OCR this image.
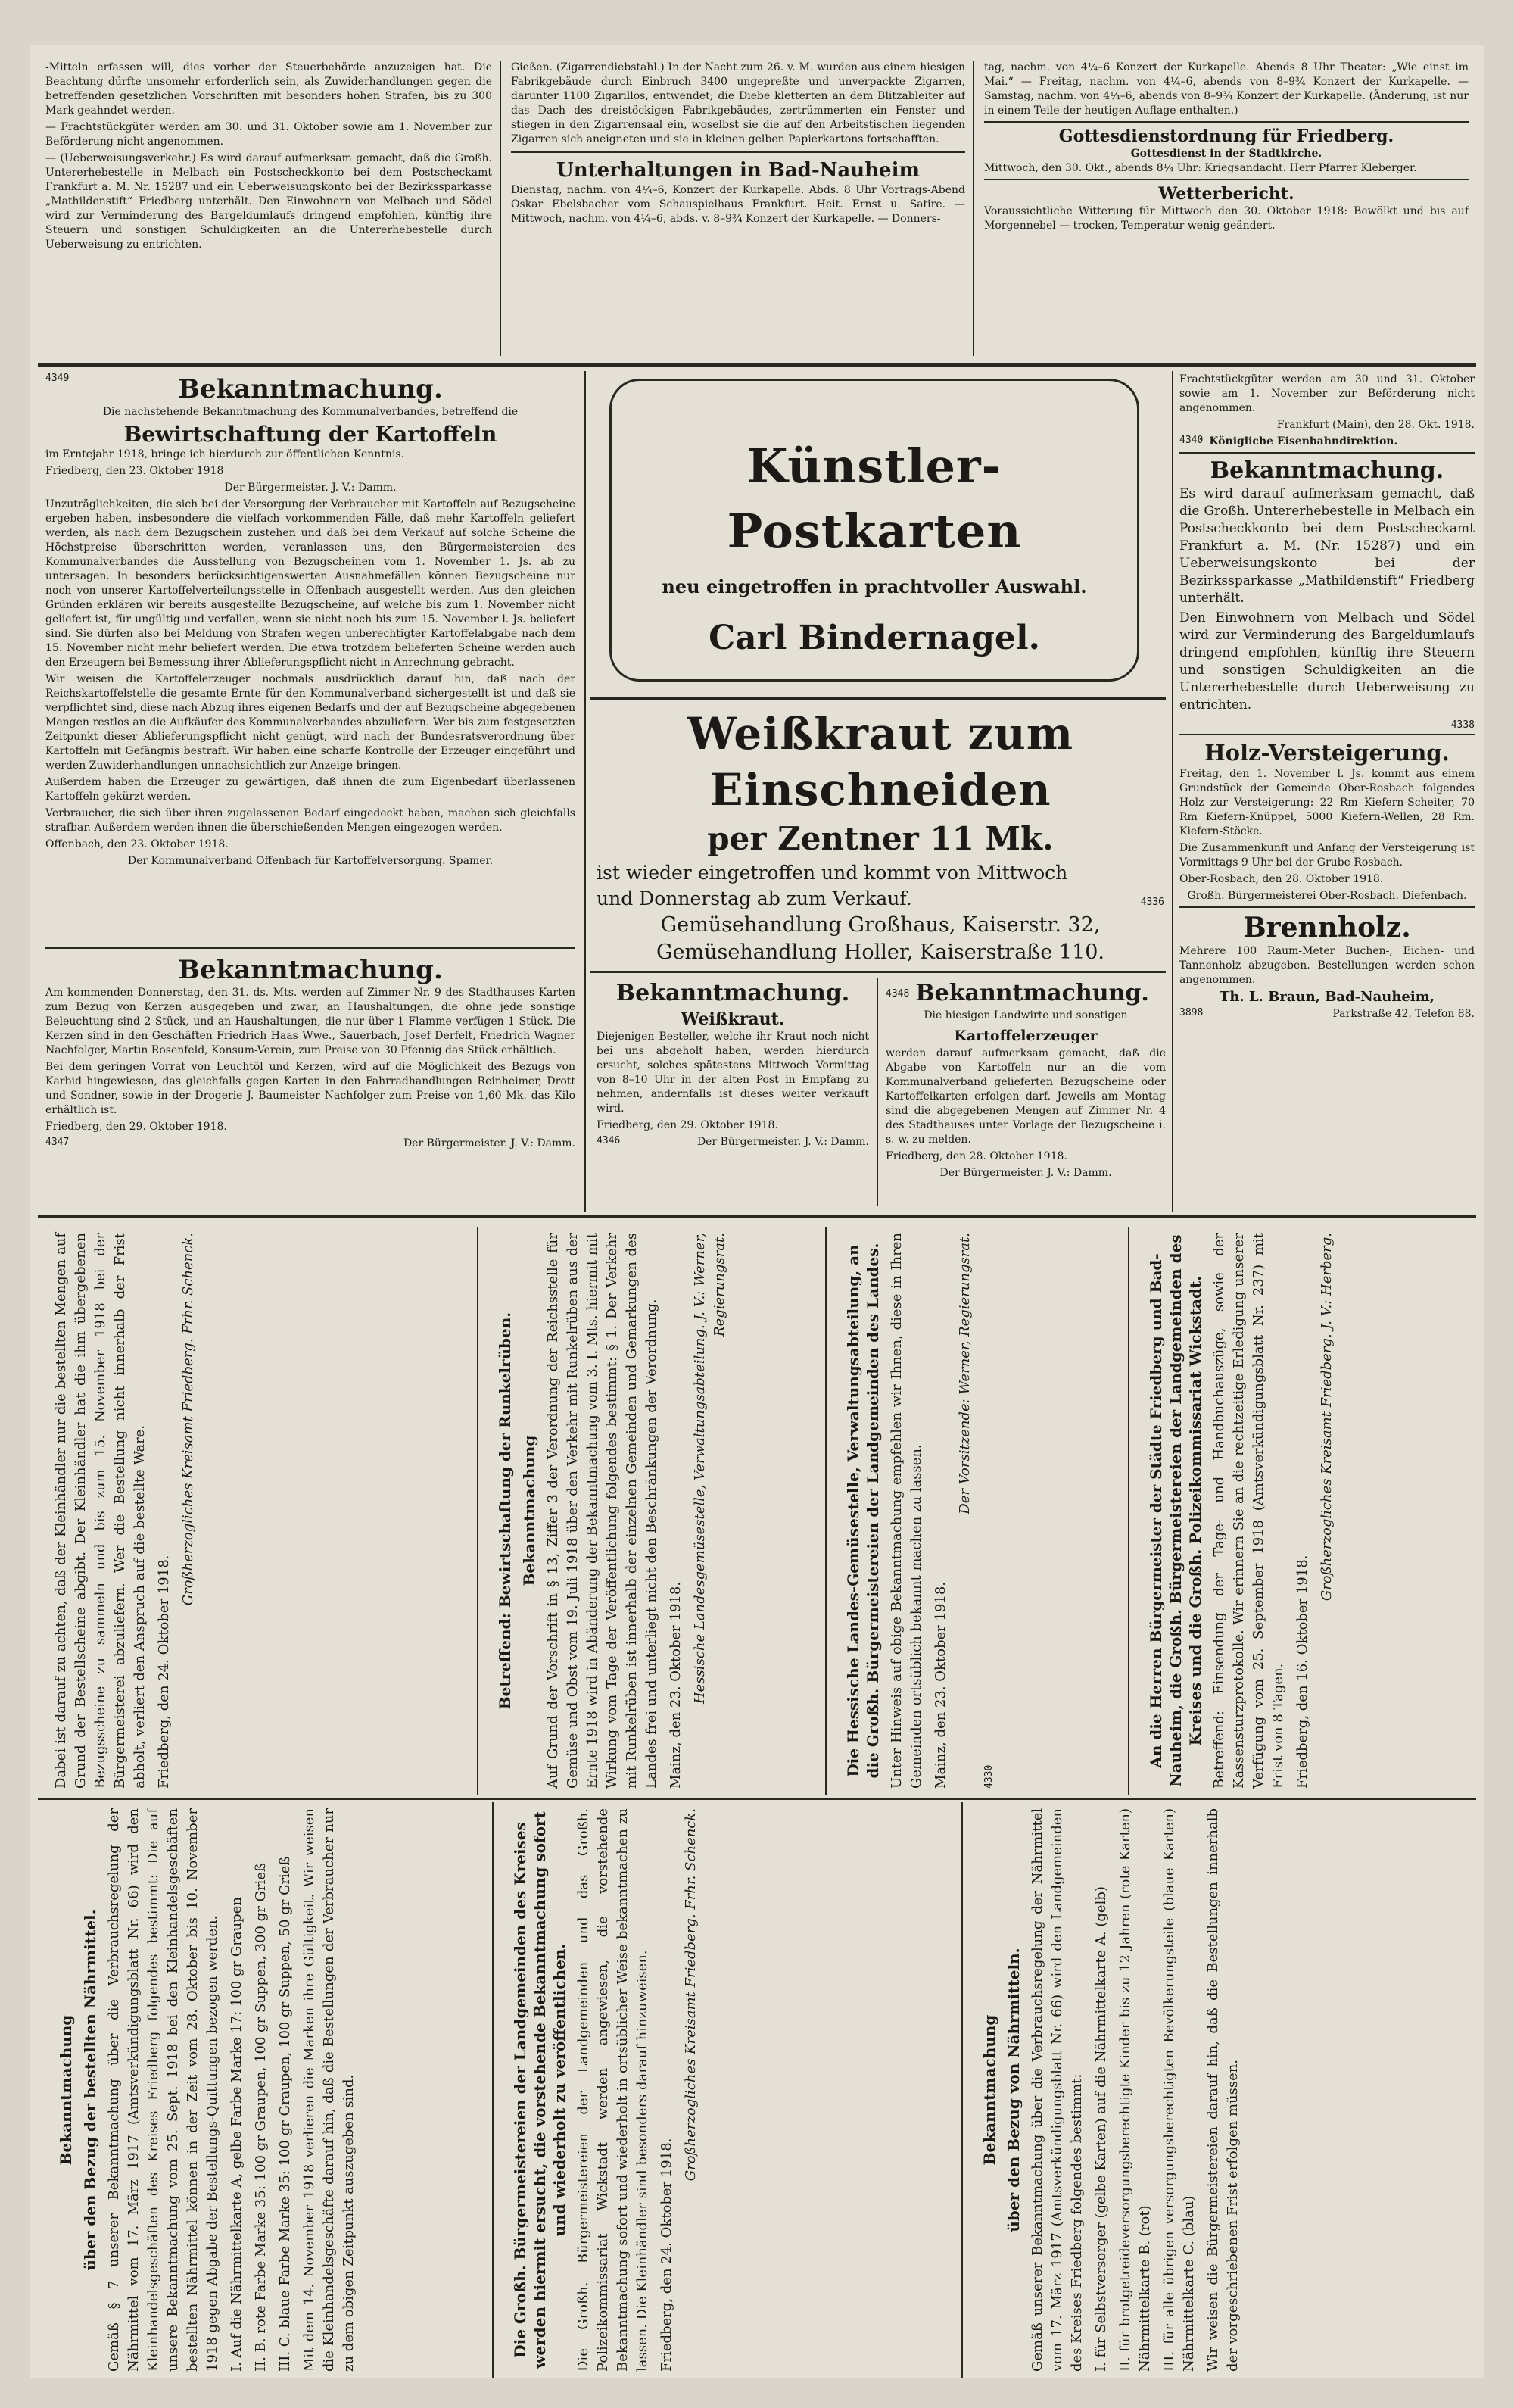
-Mitteln erfassen will, dies vorher der Steuerbehörde anzuzeigen hat. Die Beachtung dürfte unsomehr erforderlich sein, als Zuwiderhandlungen gegen die betreffenden gesetzlichen Vorschriften mit besonders hohen Strafen, bis zu 300 Mark geahndet werden.

— Frachtstückgüter werden am 30. und 31. Oktober sowie am 1. November zur Beförderung nicht angenommen.

— (Ueberweisungsverkehr.) Es wird darauf aufmerksam gemacht, daß die Großh. Untererhebestelle in Melbach ein Postscheckkonto bei dem Postscheckamt Frankfurt a. M. Nr. 15287 und ein Ueberweisungskonto bei der Bezirkssparkasse „Mathildenstift“ Friedberg unterhält. Den Einwohnern von Melbach und Södel wird zur Verminderung des Bargeldumlaufs dringend empfohlen, künftig ihre Steuern und sonstigen Schuldigkeiten an die Untererhebestelle durch Ueberweisung zu entrichten.

Gießen. (Zigarrendiebstahl.) In der Nacht zum 26. v. M. wurden aus einem hiesigen Fabrikgebäude durch Einbruch 3400 ungepreßte und unverpackte Zigarren, darunter 1100 Zigarillos, entwendet; die Diebe kletterten an dem Blitzableiter auf das Dach des dreistöckigen Fabrikgebäudes, zertrümmerten ein Fenster und stiegen in den Zigarrensaal ein, woselbst sie die auf den Arbeitstischen liegenden Zigarren sich aneigneten und sie in kleinen gelben Papierkartons fortschafften.

Unterhaltungen in Bad-Nauheim

Dienstag, nachm. von 4¼–6, Konzert der Kurkapelle. Abds. 8 Uhr Vortrags-Abend Oskar Ebelsbacher vom Schauspielhaus Frankfurt. Heit. Ernst u. Satire. — Mittwoch, nachm. von 4¼–6, abds. v. 8–9¾ Konzert der Kurkapelle. — Donners-

tag, nachm. von 4¼–6 Konzert der Kurkapelle. Abends 8 Uhr Theater: „Wie einst im Mai.“ — Freitag, nachm. von 4¼–6, abends von 8–9¾ Konzert der Kurkapelle. — Samstag, nachm. von 4¼–6, abends von 8–9¾ Konzert der Kurkapelle. (Änderung, ist nur in einem Teile der heutigen Auflage enthalten.)

Gottesdienstordnung für Friedberg.
Gottesdienst in der Stadtkirche.

Mittwoch, den 30. Okt., abends 8¼ Uhr: Kriegsandacht. Herr Pfarrer Kleberger.

Wetterbericht.

Voraussichtliche Witterung für Mittwoch den 30. Oktober 1918: Bewölkt und bis auf Morgennebel — trocken, Temperatur wenig geändert.

4349	Bekanntmachung.

Die nachstehende Bekanntmachung des Kommunalverbandes, betreffend die

Bewirtschaftung der Kartoffeln

im Erntejahr 1918, bringe ich hierdurch zur öffentlichen Kenntnis.

Friedberg, den 23. Oktober 1918

Der Bürgermeister. J. V.: Damm.

Unzuträglichkeiten, die sich bei der Versorgung der Verbraucher mit Kartoffeln auf Bezugscheine ergeben haben, insbesondere die vielfach vorkommenden Fälle, daß mehr Kartoffeln geliefert werden, als nach dem Bezugschein zustehen und daß bei dem Verkauf auf solche Scheine die Höchstpreise überschritten werden, veranlassen uns, den Bürgermeistereien des Kommunalverbandes die Ausstellung von Bezugscheinen vom 1. November 1. Js. ab zu untersagen. In besonders berücksichtigenswerten Ausnahmefällen können Bezugscheine nur noch von unserer Kartoffelverteilungsstelle in Offenbach ausgestellt werden. Aus den gleichen Gründen erklären wir bereits ausgestellte Bezugscheine, auf welche bis zum 1. November nicht geliefert ist, für ungültig und verfallen, wenn sie nicht noch bis zum 15. November l. Js. beliefert sind. Sie dürfen also bei Meldung von Strafen wegen unberechtigter Kartoffelabgabe nach dem 15. November nicht mehr beliefert werden. Die etwa trotzdem belieferten Scheine werden auch den Erzeugern bei Bemessung ihrer Ablieferungspflicht nicht in Anrechnung gebracht.

Wir weisen die Kartoffelerzeuger nochmals ausdrücklich darauf hin, daß nach der Reichskartoffelstelle die gesamte Ernte für den Kommunalverband sichergestellt ist und daß sie verpflichtet sind, diese nach Abzug ihres eigenen Bedarfs und der auf Bezugscheine abgegebenen Mengen restlos an die Aufkäufer des Kommunalverbandes abzuliefern. Wer bis zum festgesetzten Zeitpunkt dieser Ablieferungspflicht nicht genügt, wird nach der Bundesratsverordnung über Kartoffeln mit Gefängnis bestraft. Wir haben eine scharfe Kontrolle der Erzeuger eingeführt und werden Zuwiderhandlungen unnachsichtlich zur Anzeige bringen.

Außerdem haben die Erzeuger zu gewärtigen, daß ihnen die zum Eigenbedarf überlassenen Kartoffeln gekürzt werden.

Verbraucher, die sich über ihren zugelassenen Bedarf eingedeckt haben, machen sich gleichfalls strafbar. Außerdem werden ihnen die überschießenden Mengen eingezogen werden.

Offenbach, den 23. Oktober 1918.

Der Kommunalverband Offenbach für Kartoffelversorgung. Spamer.

Bekanntmachung.

Am kommenden Donnerstag, den 31. ds. Mts. werden auf Zimmer Nr. 9 des Stadthauses Karten zum Bezug von Kerzen ausgegeben und zwar, an Haushaltungen, die ohne jede sonstige Beleuchtung sind 2 Stück, und an Haushaltungen, die nur über 1 Flamme verfügen 1 Stück. Die Kerzen sind in den Geschäften Friedrich Haas Wwe., Sauerbach, Josef Derfelt, Friedrich Wagner Nachfolger, Martin Rosenfeld, Konsum-Verein, zum Preise von 30 Pfennig das Stück erhältlich.

Bei dem geringen Vorrat von Leuchtöl und Kerzen, wird auf die Möglichkeit des Bezugs von Karbid hingewiesen, das gleichfalls gegen Karten in den Fahrradhandlungen Reinheimer, Drott und Sondner, sowie in der Drogerie J. Baumeister Nachfolger zum Preise von 1,60 Mk. das Kilo erhältlich ist.

Friedberg, den 29. Oktober 1918.

4347	Der Bürgermeister. J. V.: Damm.
Künstler-Postkarten
neu eingetroffen in prachtvoller Auswahl.
Carl Bindernagel.
Weißkraut zum Einschneiden
per Zentner 11 Mk.
ist wieder eingetroffen und kommt von Mittwoch
und Donnerstag ab zum Verkauf.	4336
Gemüsehandlung Großhaus, Kaiserstr. 32,
Gemüsehandlung Holler, Kaiserstraße 110.
Bekanntmachung.
Weißkraut.

Diejenigen Besteller, welche ihr Kraut noch nicht bei uns abgeholt haben, werden hierdurch ersucht, solches spätestens Mittwoch Vormittag von 8–10 Uhr in der alten Post in Empfang zu nehmen, andernfalls ist dieses weiter verkauft wird.

Friedberg, den 29. Oktober 1918.

4346	Der Bürgermeister. J. V.: Damm.
4348 Bekanntmachung.

Die hiesigen Landwirte und sonstigen

Kartoffelerzeuger

werden darauf aufmerksam gemacht, daß die Abgabe von Kartoffeln nur an die vom Kommunalverband gelieferten Bezugscheine oder Kartoffelkarten erfolgen darf. Jeweils am Montag sind die abgegebenen Mengen auf Zimmer Nr. 4 des Stadthauses unter Vorlage der Bezugscheine i. s. w. zu melden.

Friedberg, den 28. Oktober 1918.

Der Bürgermeister. J. V.: Damm.

Frachtstückgüter werden am 30 und 31. Oktober sowie am 1. November zur Beförderung nicht angenommen.

Frankfurt (Main), den 28. Okt. 1918.

4340 Königliche Eisenbahndirektion.
Bekanntmachung.

Es wird darauf aufmerksam gemacht, daß die Großh. Untererhebestelle in Melbach ein Postscheckkonto bei dem Postscheckamt Frankfurt a. M. (Nr. 15287) und ein Ueberweisungskonto bei der Bezirkssparkasse „Mathildenstift“ Friedberg unterhält.

Den Einwohnern von Melbach und Södel wird zur Verminderung des Bargeldumlaufs dringend empfohlen, künftig ihre Steuern und sonstigen Schuldigkeiten an die Untererhebestelle durch Ueberweisung zu entrichten.

4338
Holz-Versteigerung.

Freitag, den 1. November l. Js. kommt aus einem Grundstück der Gemeinde Ober-Rosbach folgendes Holz zur Versteigerung: 22 Rm Kiefern-Scheiter, 70 Rm Kiefern-Knüppel, 5000 Kiefern-Wellen, 28 Rm. Kiefern-Stöcke.

Die Zusammenkunft und Anfang der Versteigerung ist Vormittags 9 Uhr bei der Grube Rosbach.

Ober-Rosbach, den 28. Oktober 1918.

Großh. Bürgermeisterei Ober-Rosbach. Diefenbach.

Brennholz.

Mehrere 100 Raum-Meter Buchen-, Eichen- und Tannenholz abzugeben. Bestellungen werden schon angenommen.

Th. L. Braun, Bad-Nauheim,

3898	Parkstraße 42, Telefon 88.

Dabei ist darauf zu achten, daß der Kleinhändler nur die bestellten Mengen auf Grund der Bestellscheine abgibt. Der Kleinhändler hat die ihm übergebenen Bezugsscheine zu sammeln und bis zum 15. November 1918 bei der Bürgermeisterei abzuliefern. Wer die Bestellung nicht innerhalb der Frist abholt, verliert den Anspruch auf die bestellte Ware. Friedberg, den 24. Oktober 1918.

Großherzogliches Kreisamt Friedberg. Frhr. Schenck.	Betreffend: Bewirtschaftung der Runkelrüben. Bekanntmachung Auf Grund der Vorschrift in § 13, Ziffer 3 der Verordnung der Reichsstelle für Gemüse und Obst vom 19. Juli 1918 über den Verkehr mit Runkelrüben aus der Ernte 1918 wird in Abänderung der Bekanntmachung vom 3. I. Mts. hiermit mit Wirkung vom Tage der Veröffentlichung folgendes bestimmt: § 1. Der Verkehr mit Runkelrüben ist innerhalb der einzelnen Gemeinden und Gemarkungen des Landes frei und unterliegt nicht den Beschränkungen der Verordnung. Mainz, den 23. Oktober 1918. Hessische Landesgemüsestelle, Verwaltungsabteilung. J. V.: Werner, Regierungsrat.	Die Hessische Landes-Gemüsestelle, Verwaltungsabteilung, an die Großh. Bürgermeistereien der Landgemeinden des Landes. Unter Hinweis auf obige Bekanntmachung empfehlen wir Ihnen, diese in Ihren Gemeinden ortsüblich bekannt machen zu lassen. Mainz, den 23. Oktober 1918.

Der Vorsitzende: Werner, Regierungsrat.

4330

An die Herren Bürgermeister der Städte Friedberg und Bad-Nauheim, die Großh. Bürgermeistereien der Landgemeinden des Kreises und die Großh. Polizeikommissariat Wickstadt. Betreffend: Einsendung der Tage- und Handbuchauszüge, sowie der Kassensturzprotokolle. Wir erinnern Sie an die rechtzeitige Erledigung unserer Verfügung vom 25. September 1918 (Amtsverkündigungsblatt Nr. 237) mit Frist von 8 Tagen. Friedberg, den 16. Oktober 1918.

Großherzogliches Kreisamt Friedberg. J. V.: Herberg.

Bekanntmachung über den Bezug der bestellten Nährmittel. Gemäß § 7 unserer Bekanntmachung über die Verbrauchsregelung der Nährmittel vom 17. März 1917 (Amtsverkündigungsblatt Nr. 66) wird den Kleinhandelsgeschäften des Kreises Friedberg folgendes bestimmt: Die auf unsere Bekanntmachung vom 25. Sept. 1918 bei den Kleinhandelsgeschäften bestellten Nährmittel können in der Zeit vom 28. Oktober bis 10. November 1918 gegen Abgabe der Bestellungs-Quittungen bezogen werden. I. Auf die Nährmittelkarte A, gelbe Farbe Marke 17: 100 gr Graupen II. B. rote Farbe Marke 35: 100 gr Graupen, 100 gr Suppen, 300 gr Grieß III. C. blaue Farbe Marke 35: 100 gr Graupen, 100 gr Suppen, 50 gr Grieß Mit dem 14. November 1918 verlieren die Marken ihre Gültigkeit. Wir weisen die Kleinhandelsgeschäfte darauf hin, daß die Bestellungen der Verbraucher nur zu dem obigen Zeitpunkt auszugeben sind.	Die Großh. Bürgermeistereien der Landgemeinden des Kreises werden hiermit ersucht, die vorstehende Bekanntmachung sofort und wiederholt zu veröffentlichen. Die Großh. Bürgermeistereien der Landgemeinden und das Großh. Polizeikommissariat Wickstadt werden angewiesen, die vorstehende Bekanntmachung sofort und wiederholt in ortsüblicher Weise bekanntmachen zu lassen. Die Kleinhändler sind besonders darauf hinzuweisen. Friedberg, den 24. Oktober 1918.

Großherzogliches Kreisamt Friedberg. Frhr. Schenck.	Bekanntmachung über den Bezug von Nährmitteln. Gemäß unserer Bekanntmachung über die Verbrauchsregelung der Nährmittel vom 17. März 1917 (Amtsverkündigungsblatt Nr. 66) wird den Landgemeinden des Kreises Friedberg folgendes bestimmt: I. für Selbstversorger (gelbe Karten) auf die Nährmittelkarte A. (gelb) II. für brotgetreideversorgungsberechtigte Kinder bis zu 12 Jahren (rote Karten) Nährmittelkarte B. (rot) III. für alle übrigen versorgungsberechtigten Bevölkerungsteile (blaue Karten) Nährmittelkarte C. (blau) Wir weisen die Bürgermeistereien darauf hin, daß die Bestellungen innerhalb der vorgeschriebenen Frist erfolgen müssen.
